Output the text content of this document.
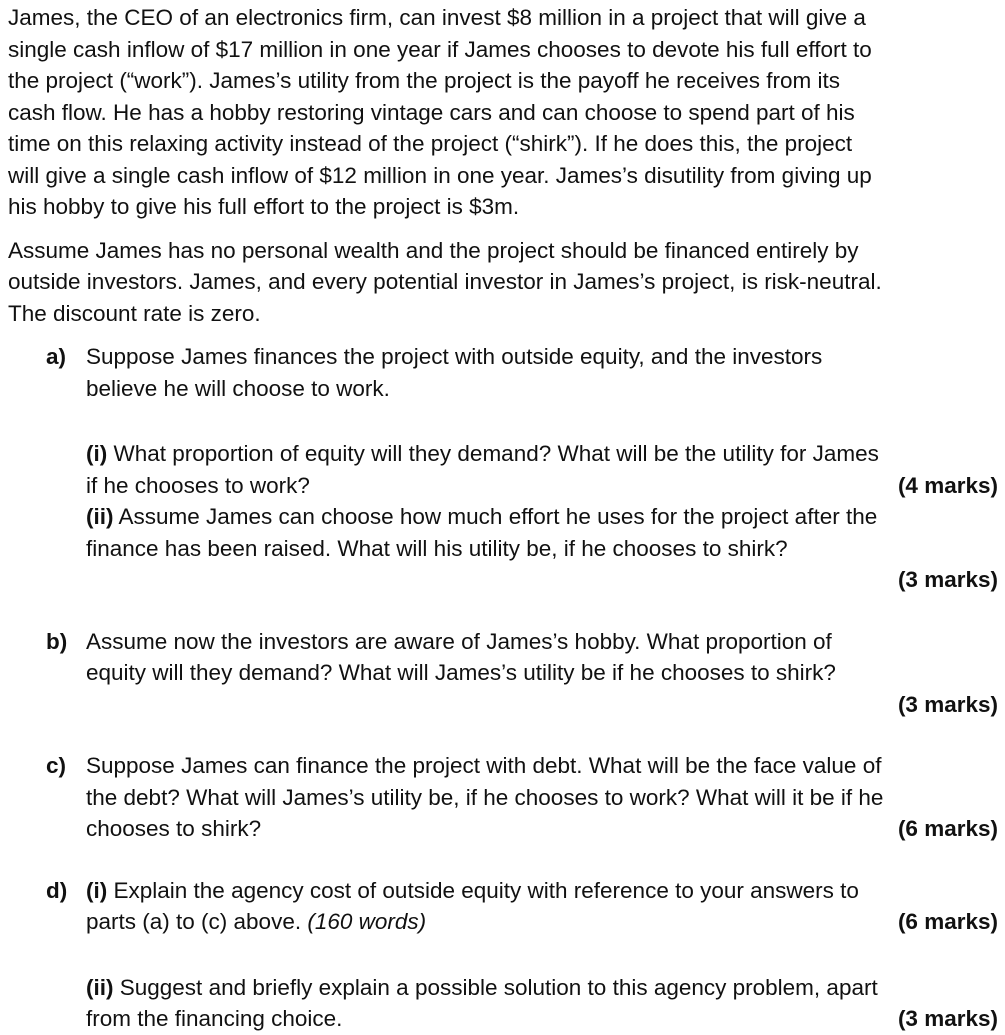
James, the CEO of an electronics firm, can invest $8 million in a project that will give a
single cash inflow of $17 million in one year if James chooses to devote his full effort to
the project (“work”). James’s utility from the project is the payoff he receives from its
cash flow. He has a hobby restoring vintage cars and can choose to spend part of his
time on this relaxing activity instead of the project (“shirk”). If he does this, the project
will give a single cash inflow of $12 million in one year. James’s disutility from giving up
his hobby to give his full effort to the project is $3m.

Assume James has no personal wealth and the project should be financed entirely by
outside investors. James, and every potential investor in James’s project, is risk-neutral.
The discount rate is zero.

a) Suppose James finances the project with outside equity, and the investors
believe he will choose to work.
(i) What proportion of equity will they demand? What will be the utility for James
if he chooses to work?	(4 marks)
(ii) Assume James can choose how much effort he uses for the project after the
finance has been raised. What will his utility be, if he chooses to shirk?
(3 marks)
b) Assume now the investors are aware of James’s hobby. What proportion of
equity will they demand? What will James’s utility be if he chooses to shirk?
(3 marks)
c) Suppose James can finance the project with debt. What will be the face value of
the debt? What will James’s utility be, if he chooses to work? What will it be if he
chooses to shirk?	(6 marks)
d) (i) Explain the agency cost of outside equity with reference to your answers to
parts (a) to (c) above. (160 words)	(6 marks)
(ii) Suggest and briefly explain a possible solution to this agency problem, apart
from the financing choice.	(3 marks)
